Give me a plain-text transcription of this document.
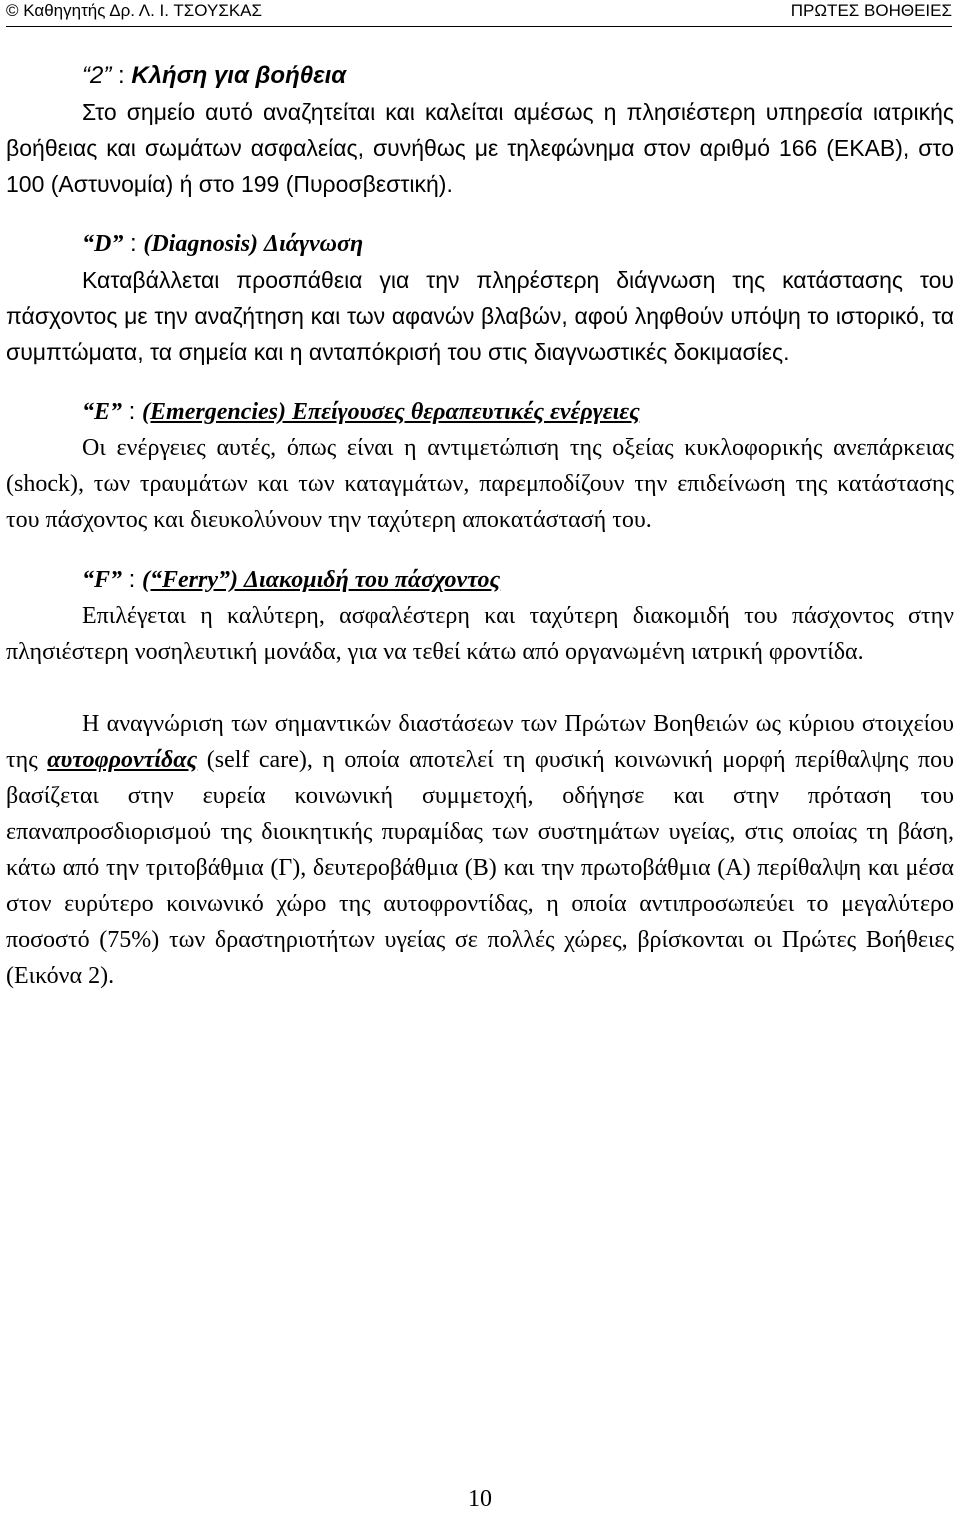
© Καθηγητής Δρ. Λ. Ι. ΤΣΟΥΣΚΑΣ	ΠΡΩΤΕΣ ΒΟΗΘΕΙΕΣ
“2” : Κλήση για βοήθεια

Στο σημείο αυτό αναζητείται και καλείται αμέσως η πλησιέστερη υπηρεσία ιατρικής βοήθειας και σωμάτων ασφαλείας, συνήθως με τηλεφώνημα στον αριθμό 166 (ΕΚΑΒ), στο 100 (Αστυνομία) ή στο 199 (Πυροσβεστική).

“D” : (Diagnosis) Διάγνωση

Καταβάλλεται προσπάθεια για την πληρέστερη διάγνωση της κατάστασης του πάσχοντος με την αναζήτηση και των αφανών βλαβών, αφού ληφθούν υπόψη το ιστορικό, τα συμπτώματα, τα σημεία και η ανταπόκρισή του στις διαγνωστικές δοκιμασίες.

“E” : (Emergencies) Επείγουσες θεραπευτικές ενέργειες

Οι ενέργειες αυτές, όπως είναι η αντιμετώπιση της οξείας κυκλοφορικής ανεπάρκειας (shock), των τραυμάτων και των καταγμάτων, παρεμποδίζουν την επιδείνωση της κατάστασης του πάσχοντος και διευκολύνουν την ταχύτερη αποκατάστασή του.

“F” : (“Ferry”) Διακομιδή του πάσχοντος

Επιλέγεται η καλύτερη, ασφαλέστερη και ταχύτερη διακομιδή του πάσχοντος στην πλησιέστερη νοσηλευτική μονάδα, για να τεθεί κάτω από οργανωμένη ιατρική φροντίδα.

Η αναγνώριση των σημαντικών διαστάσεων των Πρώτων Βοηθειών ως κύριου στοιχείου της αυτοφροντίδας (self care), η οποία αποτελεί τη φυσική κοινωνική μορφή περίθαλψης που βασίζεται στην ευρεία κοινωνική συμμετοχή, οδήγησε και στην πρόταση του επαναπροσδιορισμού της διοικητικής πυραμίδας των συστημάτων υγείας, στις οποίας τη βάση, κάτω από την τριτοβάθμια (Γ), δευτεροβάθμια (Β) και την πρωτοβάθμια (Α) περίθαλψη και μέσα στον ευρύτερο κοινωνικό χώρο της αυτοφροντίδας, η οποία αντιπροσωπεύει το μεγαλύτερο ποσοστό (75%) των δραστηριοτήτων υγείας σε πολλές χώρες, βρίσκονται οι Πρώτες Βοήθειες (Εικόνα 2).

10
